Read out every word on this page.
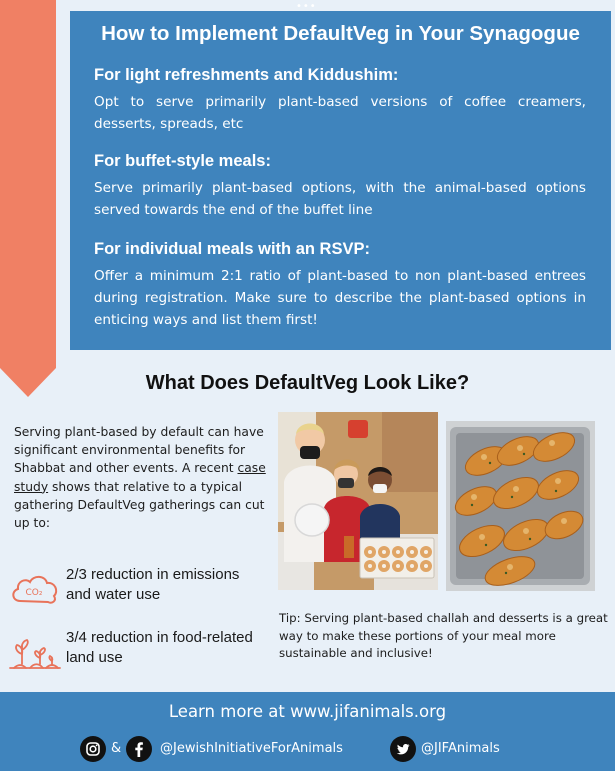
How to Implement DefaultVeg in Your Synagogue
For light refreshments and Kiddushim:

Opt to serve primarily plant-based versions of coffee creamers, desserts, spreads, etc

For buffet-style meals:

Serve primarily plant-based options, with the animal-based options served towards the end of the buffet line

For individual meals with an RSVP:

Offer a minimum 2:1 ratio of plant-based to non plant-based entrees during registration. Make sure to describe the plant-based options in enticing ways and list them first!

•••
What Does DefaultVeg Look Like?

Serving plant-based by default can have significant environmental benefits for Shabbat and other events. A recent case study shows that relative to a typical gathering DefaultVeg gatherings can cut up to:

CO₂
2/3 reduction in emissions and water use
3/4 reduction in food-related land use

Tip: Serving plant-based challah and desserts is a great way to make these portions of your meal more sustainable and inclusive!

Learn more at www.jifanimals.org

&	@JewishInitiativeForAnimals	@JIFAnimals
